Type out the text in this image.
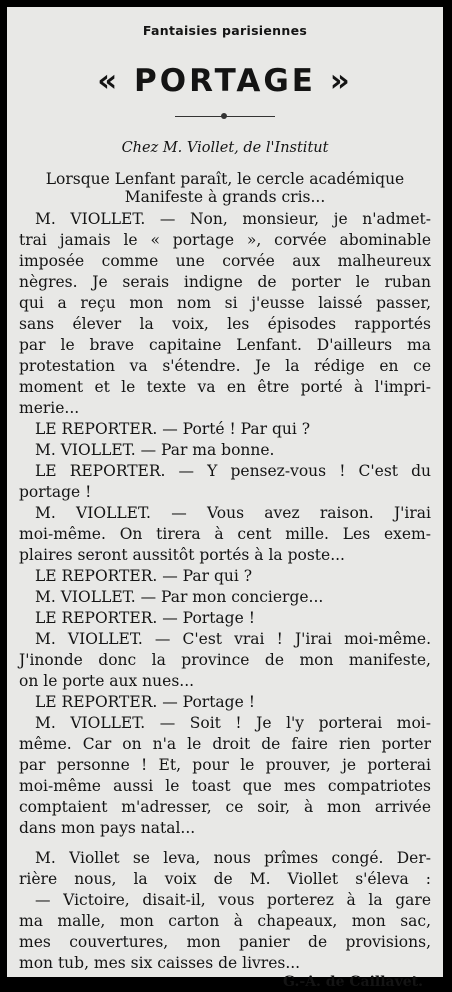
Fantaisies parisiennes
« PORTAGE »
Chez M. Viollet, de l'Institut
Lorsque Lenfant paraît, le cercle académique
Manifeste à grands cris...
M. VIOLLET. — Non, monsieur, je n'admet-
trai jamais le « portage », corvée abominable
imposée comme une corvée aux malheureux
nègres. Je serais indigne de porter le ruban
qui a reçu mon nom si j'eusse laissé passer,
sans élever la voix, les épisodes rapportés
par le brave capitaine Lenfant. D'ailleurs ma
protestation va s'étendre. Je la rédige en ce
moment et le texte va en être porté à l'impri-
merie...
LE REPORTER. — Porté ! Par qui ?
M. VIOLLET. — Par ma bonne.
LE REPORTER. — Y pensez-vous ! C'est du
portage !
M. VIOLLET. — Vous avez raison. J'irai
moi-même. On tirera à cent mille. Les exem-
plaires seront aussitôt portés à la poste...
LE REPORTER. — Par qui ?
M. VIOLLET. — Par mon concierge...
LE REPORTER. — Portage !
M. VIOLLET. — C'est vrai ! J'irai moi-même.
J'inonde donc la province de mon manifeste,
on le porte aux nues...
LE REPORTER. — Portage !
M. VIOLLET. — Soit ! Je l'y porterai moi-
même. Car on n'a le droit de faire rien porter
par personne ! Et, pour le prouver, je porterai
moi-même aussi le toast que mes compatriotes
comptaient m'adresser, ce soir, à mon arrivée
dans mon pays natal...
M. Viollet se leva, nous prîmes congé. Der-
rière nous, la voix de M. Viollet s'éleva :
— Victoire, disait-il, vous porterez à la gare
ma malle, mon carton à chapeaux, mon sac,
mes couvertures, mon panier de provisions,
mon tub, mes six caisses de livres...
G.-A. de Caillavet.
